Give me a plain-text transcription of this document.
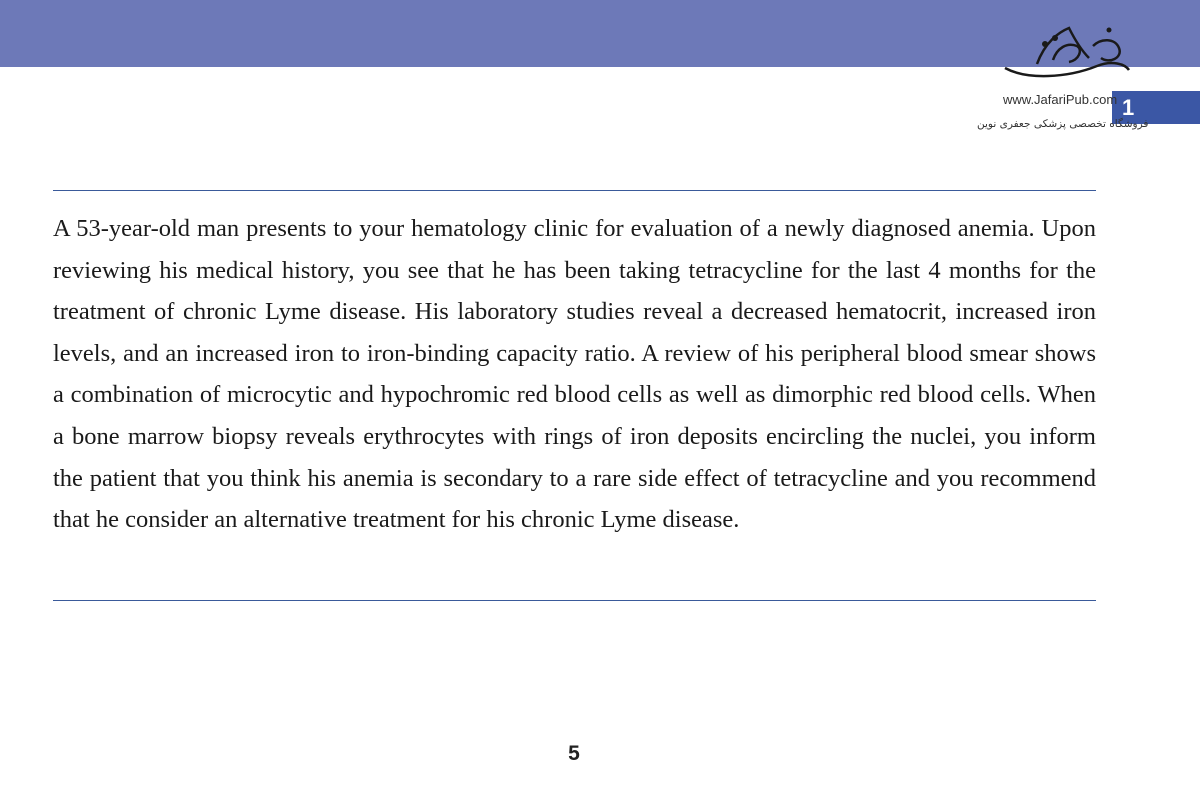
1
www.JafariPub.com
فروشگاه تخصصی پزشکی جعفری نوین

A 53-year-old man presents to your hematology clinic for evaluation of a newly diagnosed anemia. Upon reviewing his medical history, you see that he has been taking tetracycline for the last 4 months for the treatment of chronic Lyme disease. His laboratory studies reveal a decreased hematocrit, increased iron levels, and an increased iron to iron-binding capacity ratio. A review of his peripheral blood smear shows a combination of microcytic and hypochromic red blood cells as well as dimorphic red blood cells. When a bone marrow biopsy reveals erythrocytes with rings of iron deposits encircling the nuclei, you inform the patient that you think his anemia is secondary to a rare side effect of tetracycline and you recommend that he consider an alternative treatment for his chronic Lyme disease.

5
